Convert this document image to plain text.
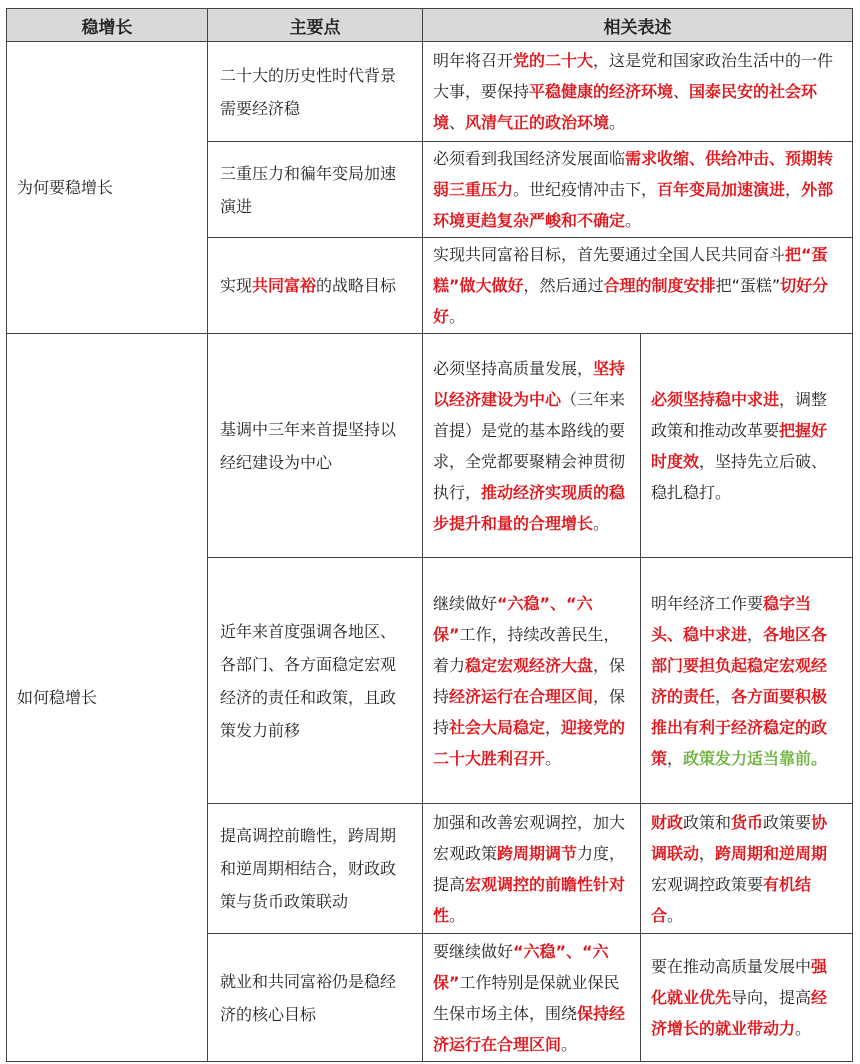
稳增长	主要点	相关表述	
为何要稳增长	二十大的历史性时代背景需要经济稳	明年将召开党的二十大，这是党和国家政治生活中的一件大事，要保持平稳健康的经济环境、国泰民安的社会环境、风清气正的政治环境。	
	三重压力和徧年变局加速演进	必须看到我国经济发展面临需求收缩、供给冲击、预期转弱三重压力。世纪疫情冲击下，百年变局加速演进，外部环境更趋复杂严峻和不确定。	
	实现共同富裕的战略目标	实现共同富裕目标，首先要通过全国人民共同奋斗把“蛋糕”做大做好，然后通过合理的制度安排把“蛋糕”切好分好。	
如何稳增长	基调中三年来首提坚持以经纪建设为中心	必须坚持高质量发展，坚持以经济建设为中心（三年来首提）是党的基本路线的要求，全党都要聚精会神贯彻执行，推动经济实现质的稳步提升和量的合理增长。	必须坚持稳中求进，调整政策和推动改革要把握好时度效，坚持先立后破、稳扎稳打。
	近年来首度强调各地区、各部门、各方面稳定宏观经济的责任和政策，且政策发力前移	继续做好“六稳”、“六保”工作，持续改善民生，着力稳定宏观经济大盘，保持经济运行在合理区间，保持社会大局稳定，迎接党的二十大胜利召开。	明年经济工作要稳字当头、稳中求进，各地区各部门要担负起稳定宏观经济的责任，各方面要积极推出有利于经济稳定的政策，政策发力适当靠前。
	提高调控前瞻性，跨周期和逆周期相结合，财政政策与货币政策联动	加强和改善宏观调控，加大宏观政策跨周期调节力度，提高宏观调控的前瞻性针对性。	财政政策和货币政策要协调联动，跨周期和逆周期宏观调控政策要有机结合。
	就业和共同富裕仍是稳经济的核心目标	要继续做好“六稳”、“六保”工作特别是保就业保民生保市场主体，围绕保持经济运行在合理区间。	要在推动高质量发展中强化就业优先导向，提高经济增长的就业带动力。
